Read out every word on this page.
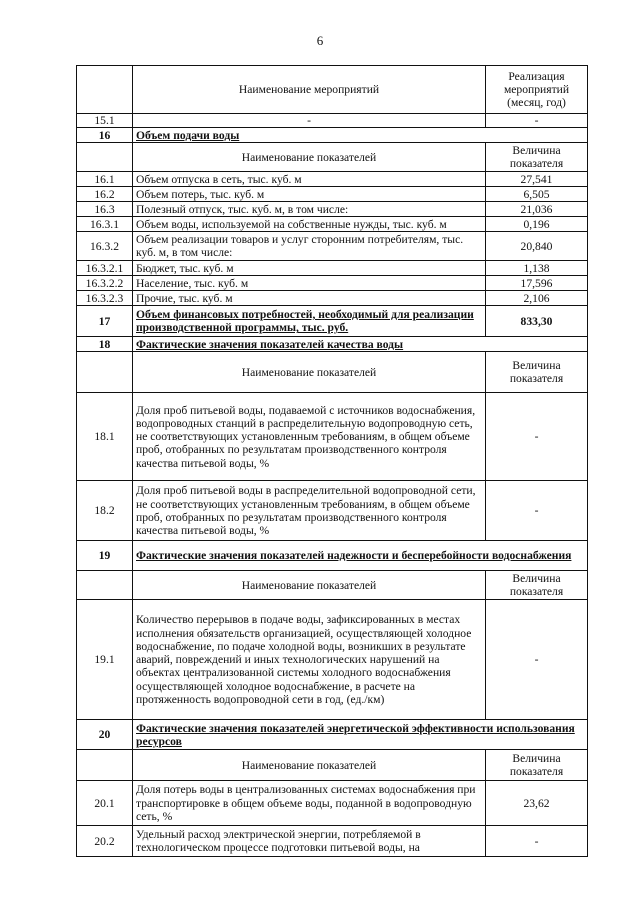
6
	Наименование мероприятий	Реализация мероприятий (месяц, год)
15.1	-	-
16	Объем подачи воды	
	Наименование показателей	Величина показателя
16.1	Объем отпуска в сеть, тыс. куб. м	27,541
16.2	Объем потерь, тыс. куб. м	6,505
16.3	Полезный отпуск, тыс. куб. м, в том числе:	21,036
16.3.1	Объем воды, используемой на собственные нужды, тыс. куб. м	0,196
16.3.2	Объем реализации товаров и услуг сторонним потребителям, тыс. куб. м, в том числе:	20,840
16.3.2.1	Бюджет, тыс. куб. м	1,138
16.3.2.2	Население, тыс. куб. м	17,596
16.3.2.3	Прочие, тыс. куб. м	2,106
17	Объем финансовых потребностей, необходимый для реализации производственной программы, тыс. руб.	833,30
18	Фактические значения показателей качества воды	
	Наименование показателей	Величина показателя
18.1	Доля проб питьевой воды, подаваемой с источников водоснабжения, водопроводных станций в распределительную водопроводную сеть, не соответствующих установленным требованиям, в общем объеме проб, отобранных по результатам производственного контроля качества питьевой воды, %	-
18.2	Доля проб питьевой воды в распределительной водопроводной сети, не соответствующих установленным требованиям, в общем объеме проб, отобранных по результатам производственного контроля качества питьевой воды, %	-
19	Фактические значения показателей надежности и бесперебойности водоснабжения	
	Наименование показателей	Величина показателя
19.1	Количество перерывов в подаче воды, зафиксированных в местах исполнения обязательств организацией, осуществляющей холодное водоснабжение, по подаче холодной воды, возникших в результате аварий, повреждений и иных технологических нарушений на объектах централизованной системы холодного водоснабжения осуществляющей холодное водоснабжение, в расчете на протяженность водопроводной сети в год, (ед./км)	-
20	Фактические значения показателей энергетической эффективности использования ресурсов	
	Наименование показателей	Величина показателя
20.1	Доля потерь воды в централизованных системах водоснабжения при транспортировке в общем объеме воды, поданной в водопроводную сеть, %	23,62
20.2	Удельный расход электрической энергии, потребляемой в технологическом процессе подготовки питьевой воды, на	-
